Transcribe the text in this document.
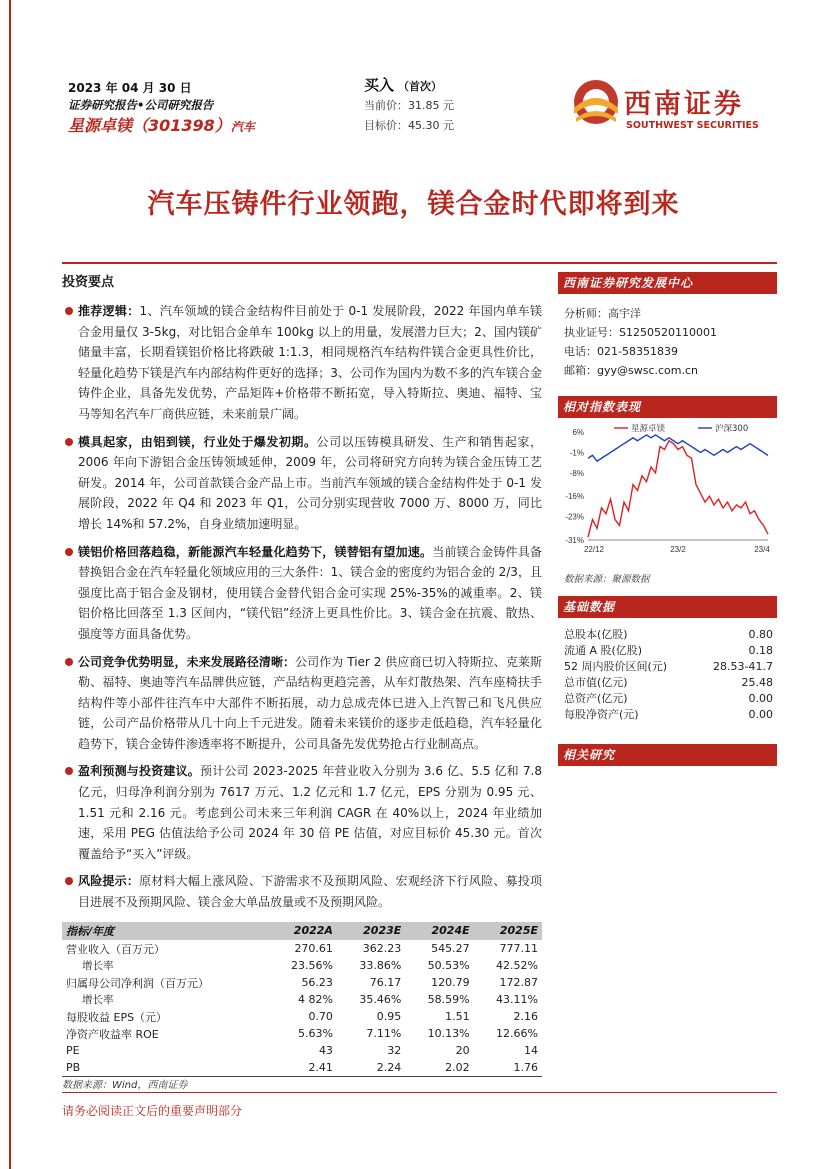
2023 年 04 月 30 日
证券研究报告•公司研究报告
星源卓镁（301398）汽车
买入 （首次）
当前价：31.85 元
目标价：45.30 元
西南证券
SOUTHWEST SECURITIES
汽车压铸件行业领跑，镁合金时代即将到来
投资要点
推荐逻辑：1、汽车领域的镁合金结构件目前处于 0-1 发展阶段，2022 年国内单车镁合金用量仅 3-5kg，对比铝合金单车 100kg 以上的用量，发展潜力巨大；2、国内镁矿储量丰富，长期看镁铝价格比将跌破 1:1.3，相同规格汽车结构件镁合金更具性价比，轻量化趋势下镁是汽车内部结构件更好的选择；3、公司作为国内为数不多的汽车镁合金铸件企业，具备先发优势，产品矩阵+价格带不断拓宽，导入特斯拉、奥迪、福特、宝马等知名汽车厂商供应链，未来前景广阔。
模具起家，由铝到镁，行业处于爆发初期。公司以压铸模具研发、生产和销售起家，2006 年向下游铝合金压铸领域延伸，2009 年，公司将研究方向转为镁合金压铸工艺研发。2014 年，公司首款镁合金产品上市。当前汽车领域的镁合金结构件处于 0-1 发展阶段，2022 年 Q4 和 2023 年 Q1，公司分别实现营收 7000 万、8000 万，同比增长 14%和 57.2%，自身业绩加速明显。
镁铝价格回落趋稳，新能源汽车轻量化趋势下，镁替铝有望加速。当前镁合金铸件具备替换铝合金在汽车轻量化领域应用的三大条件：1、镁合金的密度约为铝合金的 2/3，且强度比高于铝合金及钢材，使用镁合金替代铝合金可实现 25%-35%的减重率。2、镁铝价格比回落至 1.3 区间内，“镁代铝”经济上更具性价比。3、镁合金在抗震、散热、强度等方面具备优势。
公司竞争优势明显，未来发展路径清晰：公司作为 Tier 2 供应商已切入特斯拉、克莱斯勒、福特、奥迪等汽车品牌供应链，产品结构更趋完善，从车灯散热架、汽车座椅扶手结构件等小部件往汽车中大部件不断拓展，动力总成壳体已进入上汽智己和飞凡供应链，公司产品价格带从几十向上千元进发。随着未来镁价的逐步走低趋稳，汽车轻量化趋势下，镁合金铸件渗透率将不断提升，公司具备先发优势抢占行业制高点。
盈利预测与投资建议。预计公司 2023-2025 年营业收入分别为 3.6 亿、5.5 亿和 7.8 亿元，归母净利润分别为 7617 万元、1.2 亿元和 1.7 亿元，EPS 分别为 0.95 元、1.51 元和 2.16 元。考虑到公司未来三年利润 CAGR 在 40%以上，2024 年业绩加速，采用 PEG 估值法给予公司 2024 年 30 倍 PE 估值，对应目标价 45.30 元。首次覆盖给予“买入”评级。
风险提示：原材料大幅上涨风险、下游需求不及预期风险、宏观经济下行风险、募投项目进展不及预期风险、镁合金大单品放量或不及预期风险。
指标/年度	2022A	2023E	2024E	2025E
营业收入（百万元）	270.61	362.23	545.27	777.11
增长率	23.56%	33.86%	50.53%	42.52%
归属母公司净利润（百万元）	56.23	76.17	120.79	172.87
增长率	4 82%	35.46%	58.59%	43.11%
每股收益 EPS（元）	0.70	0.95	1.51	2.16
净资产收益率 ROE	5.63%	7.11%	10.13%	12.66%
PE	43	32	20	14
PB	2.41	2.24	2.02	1.76
数据来源：Wind，西南证券
西南证券研究发展中心
分析师：高宇洋
执业证号：S1250520110001
电话：021-58351839
邮箱：gyy@swsc.com.cn
相对指数表现
6%
-1%
-8%
-16%
-23%
-31%
22/12	23/2	23/4
星源卓镁	沪深300
数据来源：聚源数据
基础数据
总股本(亿股)	0.80
流通 A 股(亿股)	0.18
52 周内股价区间(元)	28.53-41.7
总市值(亿元)	25.48
总资产(亿元)	0.00
每股净资产(元)	0.00
相关研究
请务必阅读正文后的重要声明部分
